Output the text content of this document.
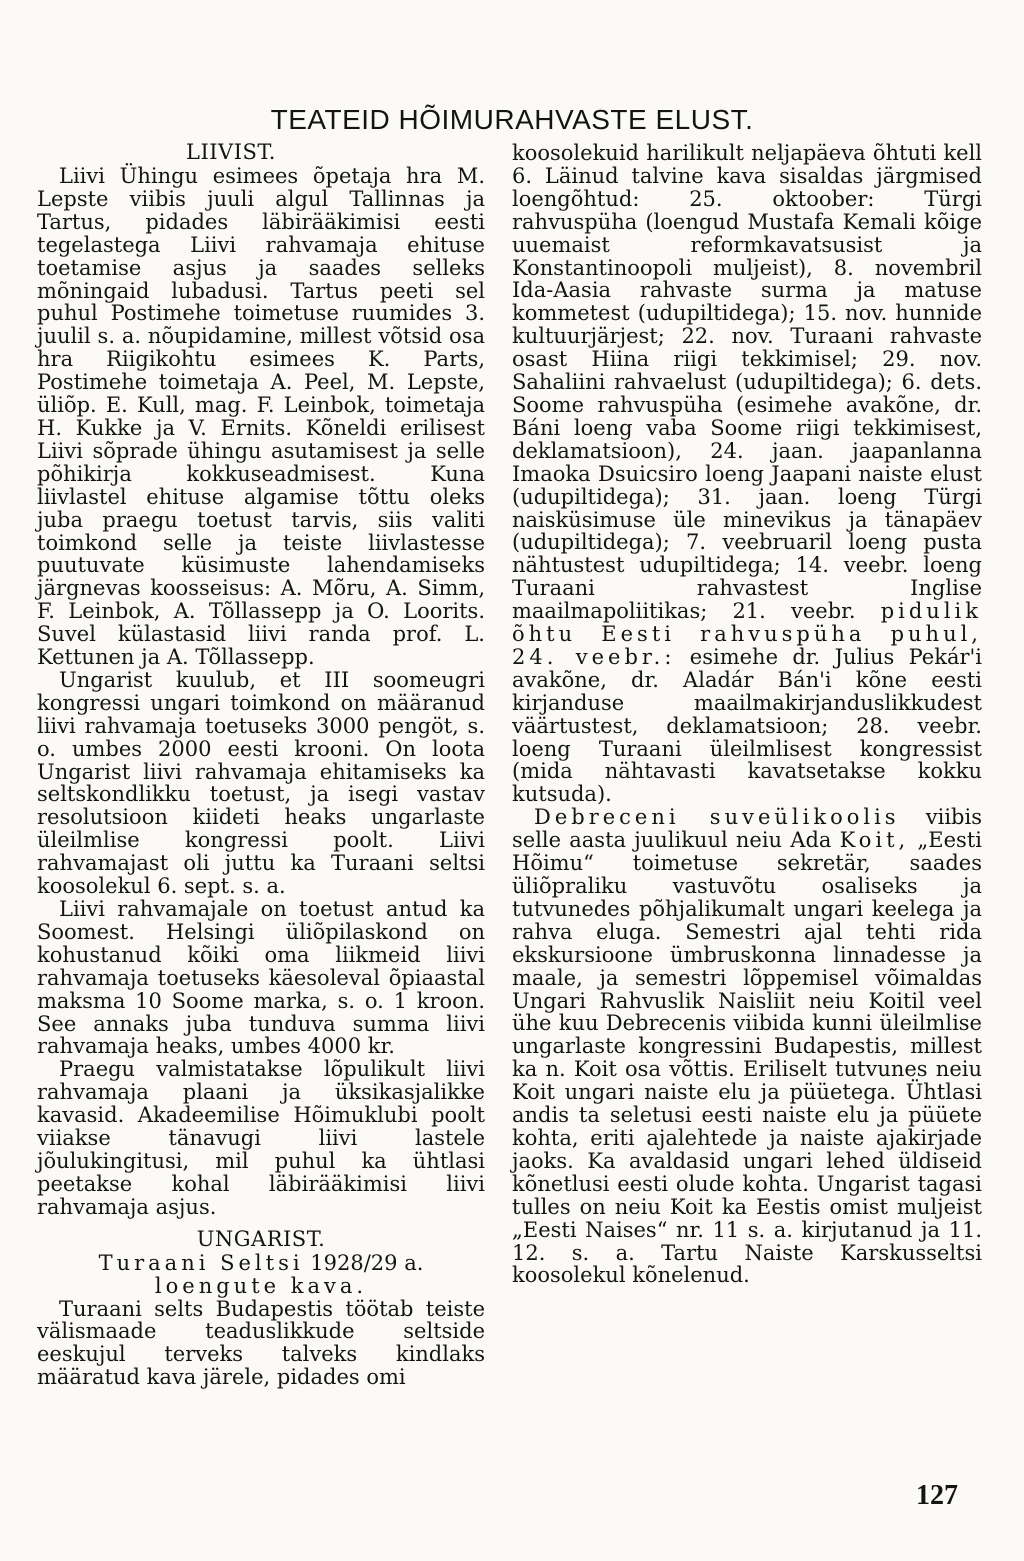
TEATEID HÕIMURAHVASTE ELUST.
LIIVIST.

Liivi Ühingu esimees õpetaja hra M. Lepste viibis juuli algul Tallinnas ja Tartus, pidades läbirääkimisi eesti tegelastega Liivi rahvamaja ehituse toetamise asjus ja saades selleks mõningaid lubadusi. Tartus peeti sel puhul Postimehe toimetuse ruumides 3. juulil s. a. nõupidamine, millest võtsid osa hra Riigikohtu esimees K. Parts, Postimehe toimetaja A. Peel, M. Lepste, üliõp. E. Kull, mag. F. Leinbok, toimetaja H. Kukke ja V. Ernits. Kõneldi erilisest Liivi sõprade ühingu asutamisest ja selle põhikirja kokkuseadmisest. Kuna liivlastel ehituse algamise tõttu oleks juba praegu toetust tarvis, siis valiti toimkond selle ja teiste liivlastesse puutuvate küsimuste lahendamiseks järgnevas koosseisus: A. Mõru, A. Simm, F. Leinbok, A. Tõllassepp ja O. Loorits. Suvel külastasid liivi randa prof. L. Kettunen ja A. Tõllassepp.

Ungarist kuulub, et III soomeugri kongressi ungari toimkond on määranud liivi rahvamaja toetuseks 3000 pengöt, s. o. umbes 2000 eesti krooni. On loota Ungarist liivi rahvamaja ehitamiseks ka seltskondlikku toetust, ja isegi vastav resolutsioon kiideti heaks ungarlaste üleilmlise kongressi poolt. Liivi rahvamajast oli juttu ka Turaani seltsi koosolekul 6. sept. s. a.

Liivi rahvamajale on toetust antud ka Soomest. Helsingi üliõpilaskond on kohustanud kõiki oma liikmeid liivi rahvamaja toetuseks käesoleval õpiaastal maksma 10 Soome marka, s. o. 1 kroon. See annaks juba tunduva summa liivi rahvamaja heaks, umbes 4000 kr.

Praegu valmistatakse lõpulikult liivi rahvamaja plaani ja üksikasjalikke kavasid. Akadeemilise Hõimuklubi poolt viiakse tänavugi liivi lastele jõulukingitusi, mil puhul ka ühtlasi peetakse kohal läbirääkimisi liivi rahvamaja asjus.

UNGARIST.
Turaani Seltsi 1928/29 a.
loengute kava.

Turaani selts Budapestis töötab teiste välismaade teaduslikkude seltside eeskujul terveks talveks kindlaks määratud kava järele, pidades omi

koosolekuid harilikult neljapäeva õhtuti kell 6. Läinud talvine kava sisaldas järgmised loengõhtud: 25. oktoober: Türgi rahvuspüha (loengud Mustafa Kemali kõige uuemaist reformkavatsusist ja Konstantinoopoli muljeist), 8. novembril Ida-Aasia rahvaste surma ja matuse kommetest (udupiltidega); 15. nov. hunnide kultuurjärjest; 22. nov. Turaani rahvaste osast Hiina riigi tekkimisel; 29. nov. Sahaliini rahvaelust (udupiltidega); 6. dets. Soome rahvuspüha (esimehe avakõne, dr. Báni loeng vaba Soome riigi tekkimisest, deklamatsioon), 24. jaan. jaapanlanna Imaoka Dsuicsiro loeng Jaapani naiste elust (udupiltidega); 31. jaan. loeng Türgi naisküsimuse üle minevikus ja tänapäev (udupiltidega); 7. veebruaril loeng pusta nähtustest udupiltidega; 14. veebr. loeng Turaani rahvastest Inglise maailmapoliitikas; 21. veebr. pidulik õhtu Eesti rahvuspüha puhul, 24. veebr.: esimehe dr. Julius Pekár'i avakõne, dr. Aladár Bán'i kõne eesti kirjanduse maailmakirjanduslikkudest väärtustest, deklamatsioon; 28. veebr. loeng Turaani üleilmlisest kongressist (mida nähtavasti kavatsetakse kokku kutsuda).

Debreceni suveülikoolis viibis selle aasta juulikuul neiu Ada Koit, „Eesti Hõimu“ toimetuse sekretär, saades üliõpraliku vastuvõtu osaliseks ja tutvunedes põhjalikumalt ungari keelega ja rahva eluga. Semestri ajal tehti rida ekskursioone ümbruskonna linnadesse ja maale, ja semestri lõppemisel võimaldas Ungari Rahvuslik Naisliit neiu Koitil veel ühe kuu Debrecenis viibida kunni üleilmlise ungarlaste kongressini Budapestis, millest ka n. Koit osa võttis. Eriliselt tutvunes neiu Koit ungari naiste elu ja püüetega. Ühtlasi andis ta seletusi eesti naiste elu ja püüete kohta, eriti ajalehtede ja naiste ajakirjade jaoks. Ka avaldasid ungari lehed üldiseid kõnetlusi eesti olude kohta. Ungarist tagasi tulles on neiu Koit ka Eestis omist muljeist „Eesti Naises“ nr. 11 s. a. kirjutanud ja 11. 12. s. a. Tartu Naiste Karskusseltsi koosolekul kõnelenud.

127
